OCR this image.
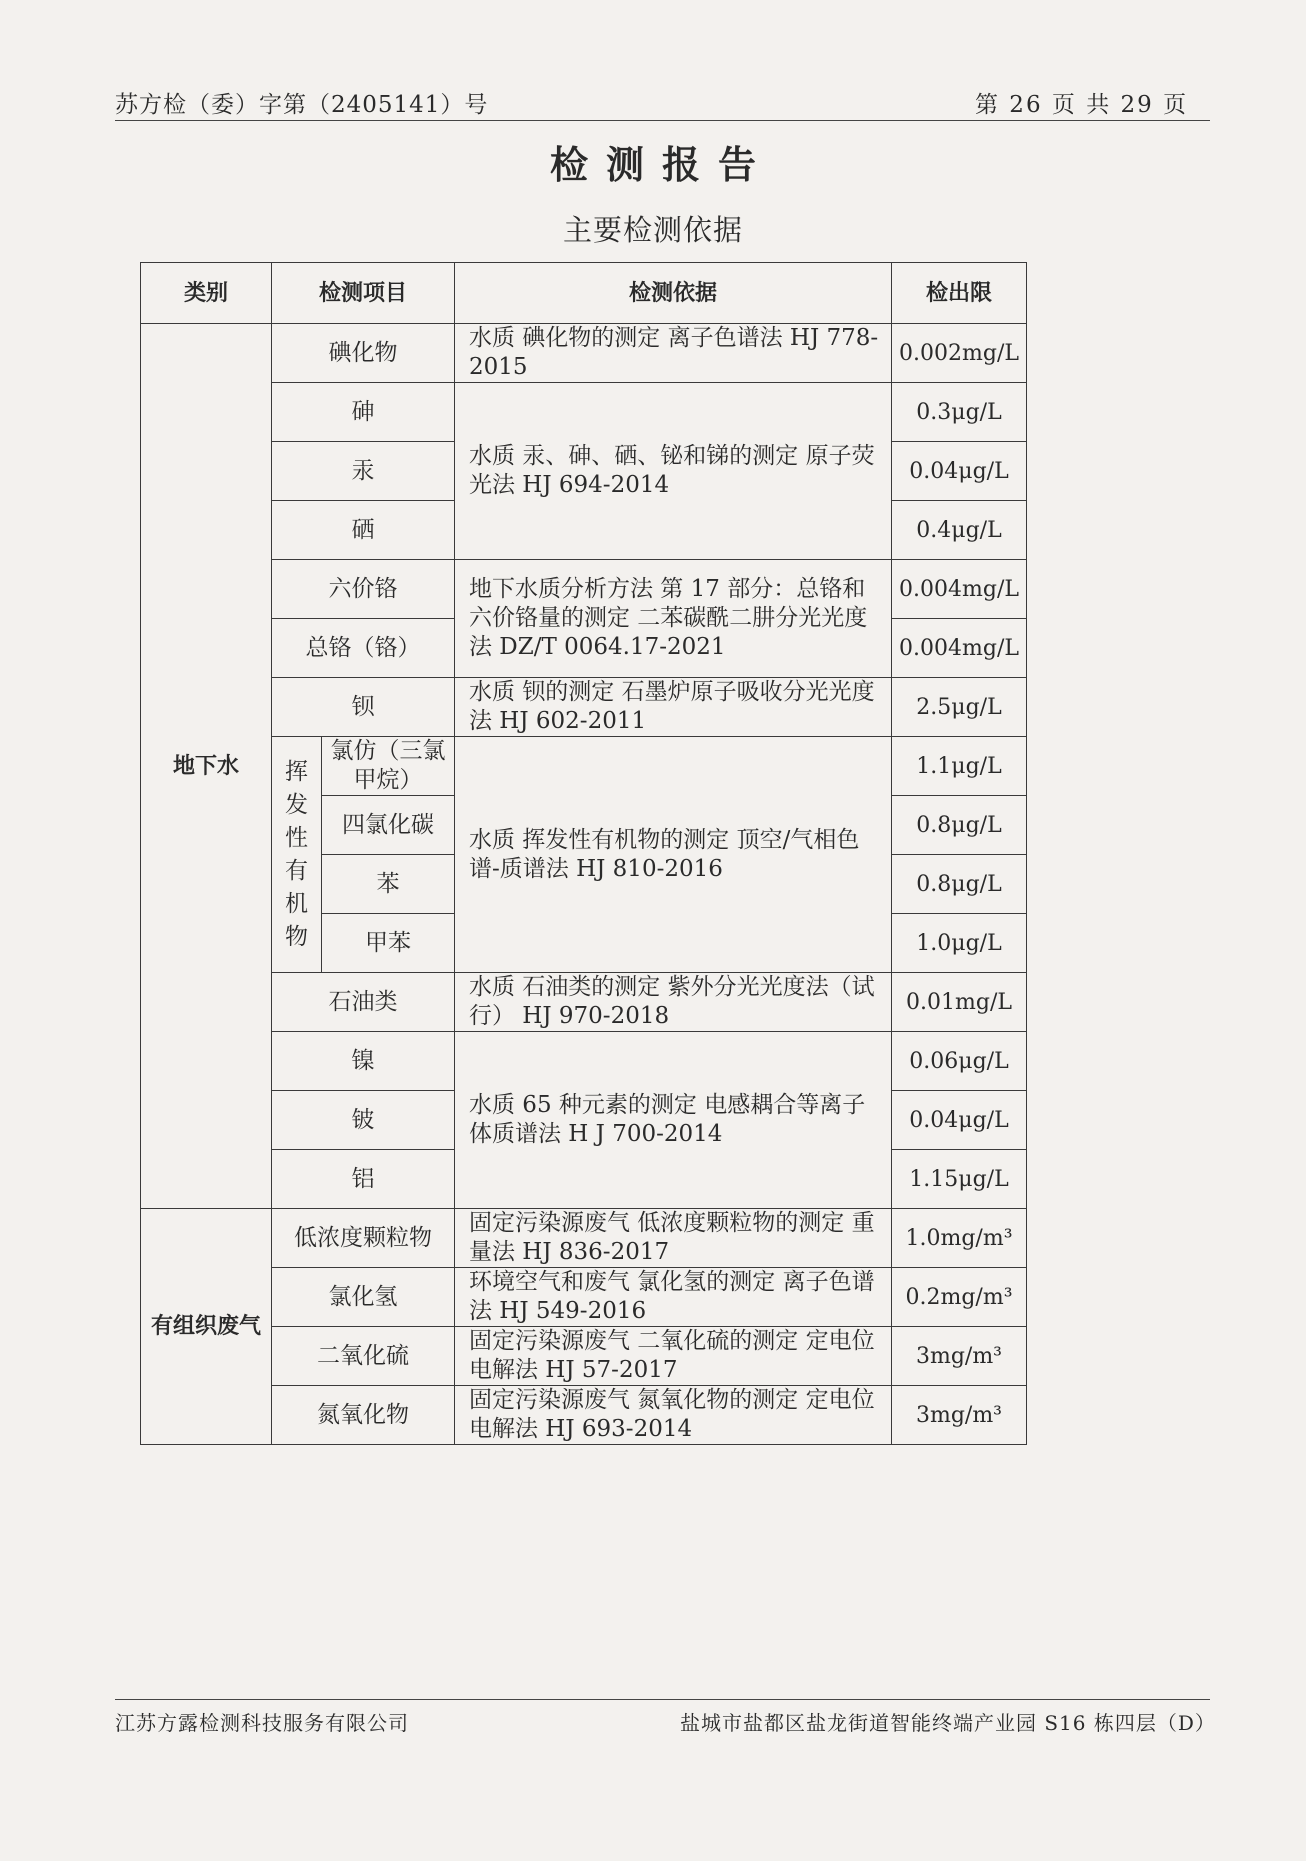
苏方检（委）字第（2405141）号	第 26 页 共 29 页
检测报告
主要检测依据
类别	检测项目		检测依据	检出限
地下水	碘化物		水质 碘化物的测定 离子色谱法 HJ 778-2015	0.002mg/L
	砷		水质 汞、砷、硒、铋和锑的测定 原子荧光法 HJ 694-2014	0.3μg/L
	汞			0.04μg/L
	硒			0.4μg/L
	六价铬		地下水质分析方法 第 17 部分：总铬和六价铬量的测定 二苯碳酰二肼分光光度法 DZ/T 0064.17-2021	0.004mg/L
	总铬（铬）			0.004mg/L
	钡		水质 钡的测定 石墨炉原子吸收分光光度法 HJ 602-2011	2.5μg/L
	挥发性有机物	氯仿（三氯甲烷）	水质 挥发性有机物的测定 顶空/气相色谱-质谱法 HJ 810-2016	1.1μg/L
		四氯化碳		0.8μg/L
		苯		0.8μg/L
		甲苯		1.0μg/L
	石油类		水质 石油类的测定 紫外分光光度法（试行） HJ 970-2018	0.01mg/L
	镍		水质 65 种元素的测定 电感耦合等离子体质谱法 H J 700-2014	0.06μg/L
	铍			0.04μg/L
	铝			1.15μg/L
有组织废气	低浓度颗粒物		固定污染源废气 低浓度颗粒物的测定 重量法 HJ 836-2017	1.0mg/m³
	氯化氢		环境空气和废气 氯化氢的测定 离子色谱法 HJ 549-2016	0.2mg/m³
	二氧化硫		固定污染源废气 二氧化硫的测定 定电位电解法 HJ 57-2017	3mg/m³
	氮氧化物		固定污染源废气 氮氧化物的测定 定电位电解法 HJ 693-2014	3mg/m³
江苏方露检测科技服务有限公司	盐城市盐都区盐龙街道智能终端产业园 S16 栋四层（D）
